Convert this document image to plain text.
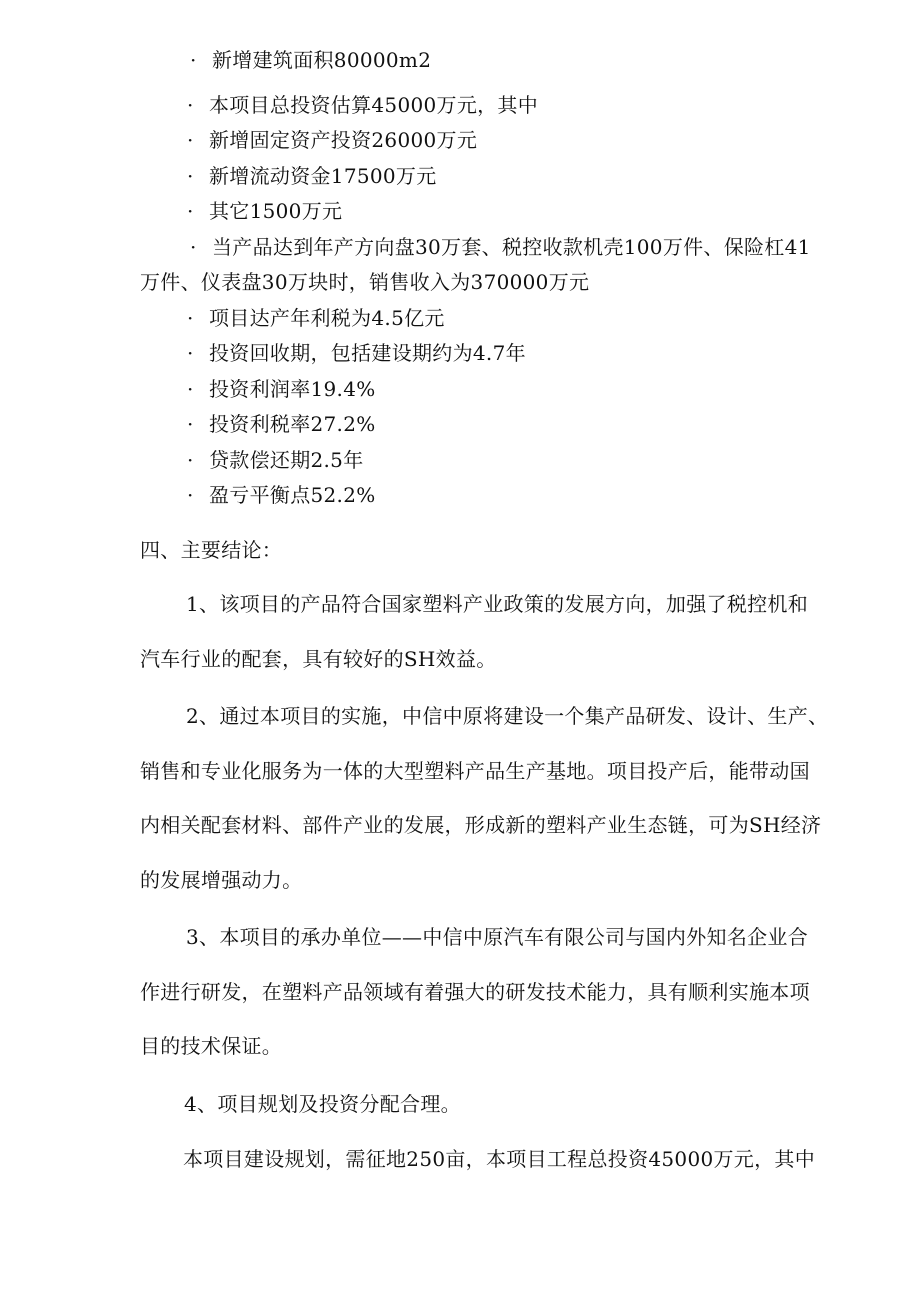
· 新增建筑面积80000m2
· 本项目总投资估算45000万元，其中
· 新增固定资产投资26000万元
· 新增流动资金17500万元
· 其它1500万元
· 当产品达到年产方向盘30万套、税控收款机壳100万件、保险杠41
万件、仪表盘30万块时，销售收入为370000万元
· 项目达产年利税为4.5亿元
· 投资回收期，包括建设期约为4.7年
· 投资利润率19.4%
· 投资利税率27.2%
· 贷款偿还期2.5年
· 盈亏平衡点52.2%
四、主要结论：
1、该项目的产品符合国家塑料产业政策的发展方向，加强了税控机和
汽车行业的配套，具有较好的SH效益。
2、通过本项目的实施，中信中原将建设一个集产品研发、设计、生产、
销售和专业化服务为一体的大型塑料产品生产基地。项目投产后，能带动国
内相关配套材料、部件产业的发展，形成新的塑料产业生态链，可为SH经济
的发展增强动力。
3、本项目的承办单位——中信中原汽车有限公司与国内外知名企业合
作进行研发，在塑料产品领域有着强大的研发技术能力，具有顺利实施本项
目的技术保证。
4、项目规划及投资分配合理。
本项目建设规划，需征地250亩，本项目工程总投资45000万元，其中
